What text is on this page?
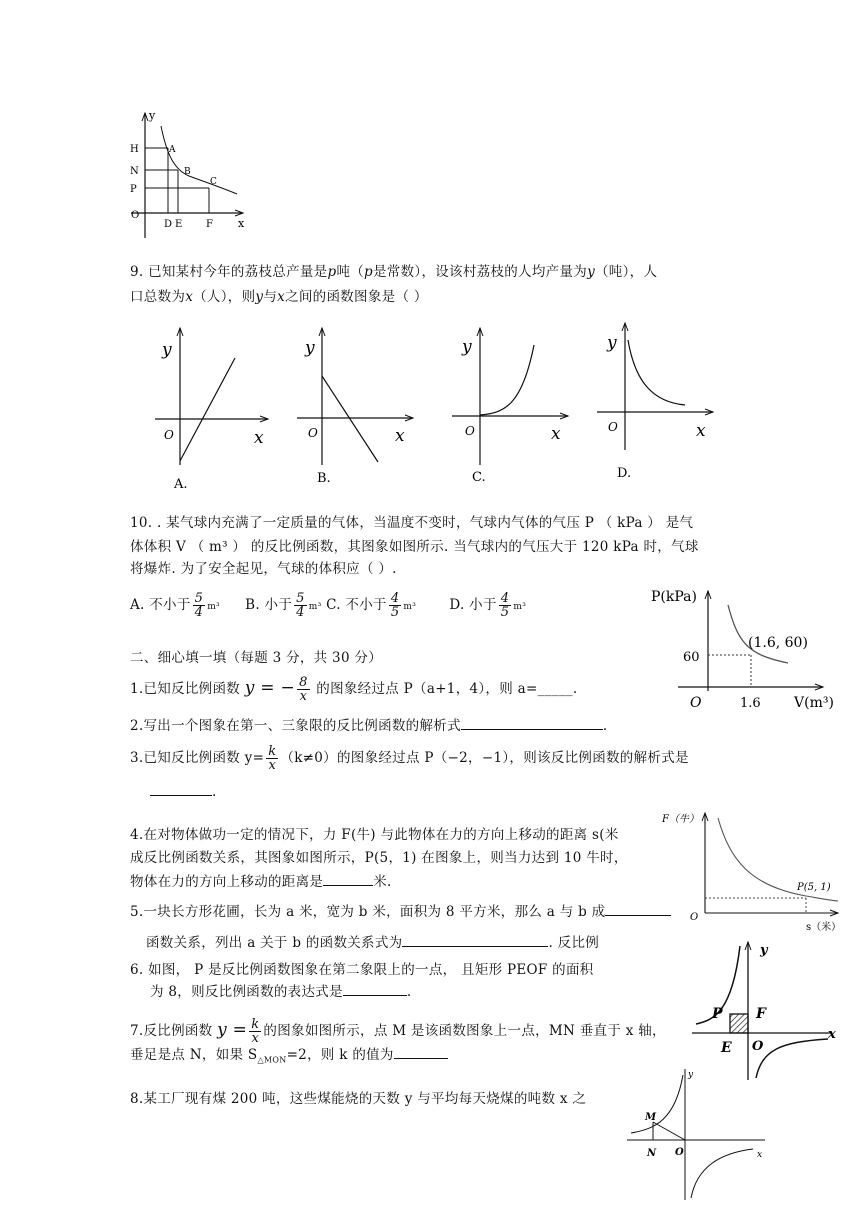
y
x
O
H
N
P
D E F
A
B
C
9. 已知某村今年的荔枝总产量是p吨（p是常数），设该村荔枝的人均产量为y（吨），人
口总数为x（人），则y与x之间的函数图象是（ ）
y
x
O
A.
y
x
O
B.
y
x
O
C.
y
x
O
D.
10. . 某气球内充满了一定质量的气体，当温度不变时，气球内气体的气压 P （ kPa ） 是气
体体积 V （ m³ ） 的反比例函数，其图象如图所示. 当气球内的气压大于 120 kPa 时，气球
将爆炸. 为了安全起见，气球的体积应（ ）.
A. 不小于 $\frac{5}{4} m^3$ B. 小于 $\frac{5}{4} m^3$ C. 不小于 $\frac{4}{5} m^3$ D. 小于 $\frac{4}{5} m^3$
P(kPa)
V(m³)
O
(1.6, 60)
1.6
60
二、细心填一填（每题 3 分，共 30 分）
1.已知反比例函数 y = − $\frac{8}{x}$ 的图象经过点 P（a+1，4），则 a=_____.
2.写出一个图象在第一、三象限的反比例函数的解析式	.
3.已知反比例函数 $y= \frac{k}{x} (k\ne 0)$的图象经过点 P（−2，−1），则该反比例函数的解析式是
.
4.在对物体做功一定的情况下，力 F(牛) 与此物体在力的方向上移动的距离 s(米
成反比例函数关系，其图象如图所示，P(5，1) 在图象上，则当力达到 10 牛时，
物体在力的方向上移动的距离是	米.
F（牛）
s（米）
O
P(5, 1)
5.一块长方形花圃，长为 a 米，宽为 b 米，面积为 8 平方米，那么 a 与 b 成
函数关系，列出 a 关于 b 的函数关系式为	. 反比例
6. 如图， P 是反比例函数图象在第二象限上的一点， 且矩形 PEOF 的面积
为 8，则反比例函数的表达式是	.
y
x
P F
E O
7.反比例函数 $y = \frac{k}{x}$ 的图象如图所示，点 M 是该函数图象上一点，MN 垂直于 x 轴，
垂足是点 N，如果 $S_{\triangle MON}=2$，则 k 的值为
8.某工厂现有煤 200 吨，这些煤能烧的天数 y 与平均每天烧煤的吨数 x 之
y
x
M
N O
